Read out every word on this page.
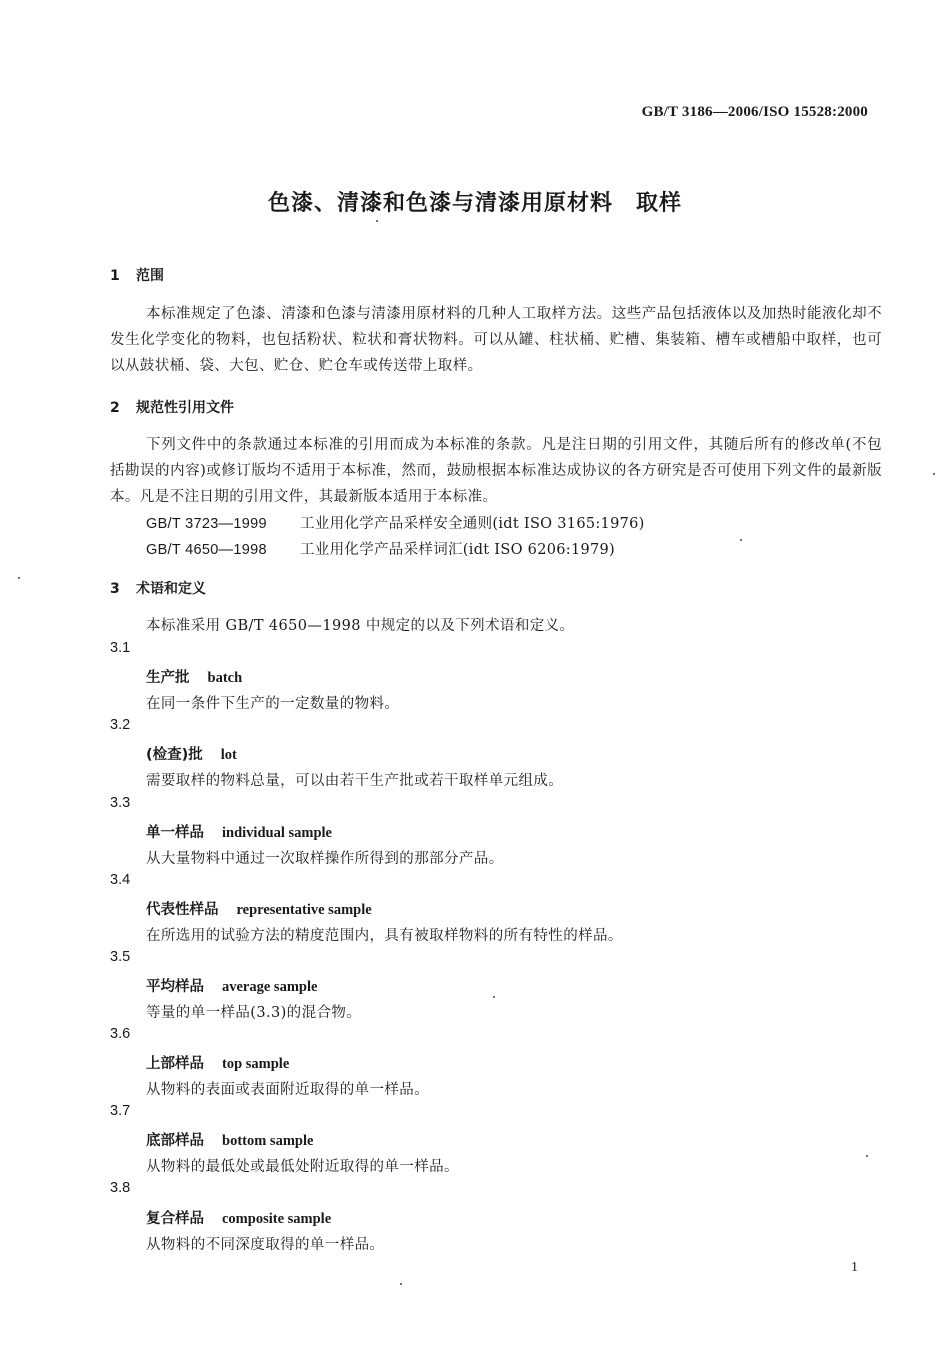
GB/T 3186—2006/ISO 15528:2000
色漆、清漆和色漆与清漆用原材料　取样
1 范围
本标准规定了色漆、清漆和色漆与清漆用原材料的几种人工取样方法。这些产品包括液体以及加热时能液化却不发生化学变化的物料，也包括粉状、粒状和膏状物料。可以从罐、柱状桶、贮槽、集装箱、槽车或槽船中取样，也可以从鼓状桶、袋、大包、贮仓、贮仓车或传送带上取样。
2 规范性引用文件
下列文件中的条款通过本标准的引用而成为本标准的条款。凡是注日期的引用文件，其随后所有的修改单(不包括勘误的内容)或修订版均不适用于本标准，然而，鼓励根据本标准达成协议的各方研究是否可使用下列文件的最新版本。凡是不注日期的引用文件，其最新版本适用于本标准。
GB/T 3723—1999 工业用化学产品采样安全通则(idt ISO 3165:1976)
GB/T 4650—1998 工业用化学产品采样词汇(idt ISO 6206:1979)
3 术语和定义
本标准采用 GB/T 4650—1998 中规定的以及下列术语和定义。
3.1
生产批 batch
在同一条件下生产的一定数量的物料。
3.2
(检查)批 lot
需要取样的物料总量，可以由若干生产批或若干取样单元组成。
3.3
单一样品 individual sample
从大量物料中通过一次取样操作所得到的那部分产品。
3.4
代表性样品 representative sample
在所选用的试验方法的精度范围内，具有被取样物料的所有特性的样品。
3.5
平均样品 average sample
等量的单一样品(3.3)的混合物。
3.6
上部样品 top sample
从物料的表面或表面附近取得的单一样品。
3.7
底部样品 bottom sample
从物料的最低处或最低处附近取得的单一样品。
3.8
复合样品 composite sample
从物料的不同深度取得的单一样品。
1
